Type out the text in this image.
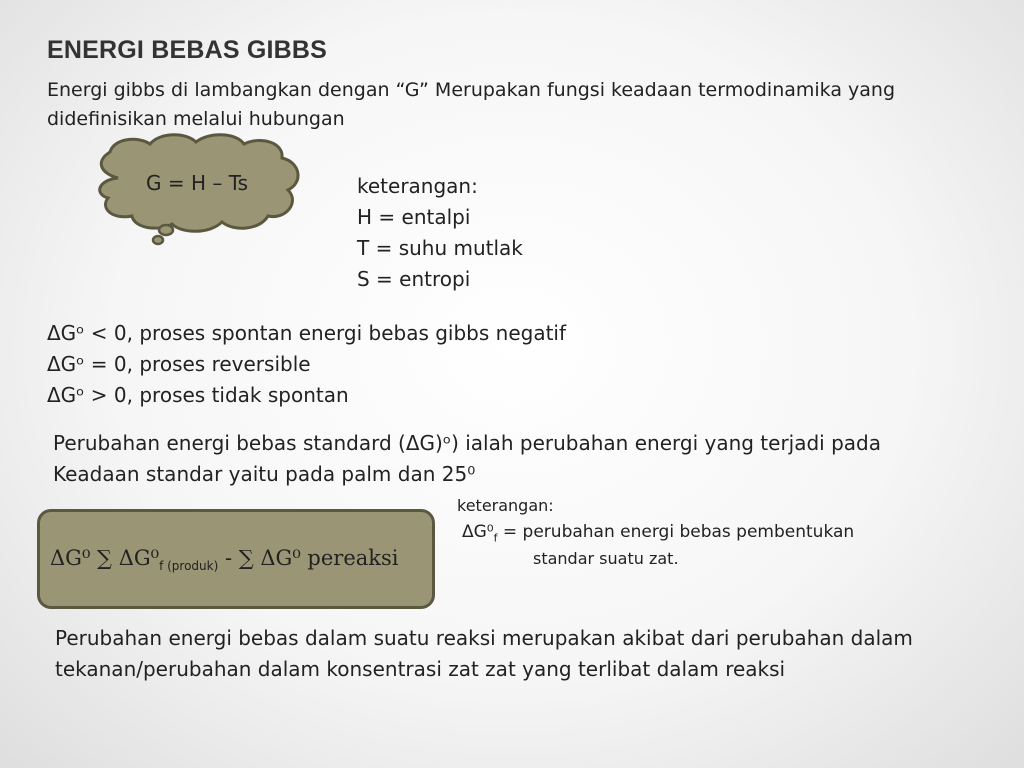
ENERGI BEBAS GIBBS
Energi gibbs di lambangkan dengan “G” Merupakan fungsi keadaan termodinamika yang
didefinisikan melalui hubungan
G = H – Ts	keterangan:
H = entalpi
T = suhu mutlak
S = entropi
ΔGᵒ < 0, proses spontan energi bebas gibbs negatif
ΔGᵒ = 0, proses reversible
ΔGᵒ > 0, proses tidak spontan
Perubahan energi bebas standard (ΔG)ᵒ) ialah perubahan energi yang terjadi pada
Keadaan standar yaitu pada palm dan 25⁰
ΔG⁰ ∑ $\Delta G^0_{f (produk)}$ - ∑ ΔG⁰ pereaksi
keterangan:
$\Delta G^0_f$ = perubahan energi bebas pembentukan
standar suatu zat.
Perubahan energi bebas dalam suatu reaksi merupakan akibat dari perubahan dalam
tekanan/perubahan dalam konsentrasi zat zat yang terlibat dalam reaksi
